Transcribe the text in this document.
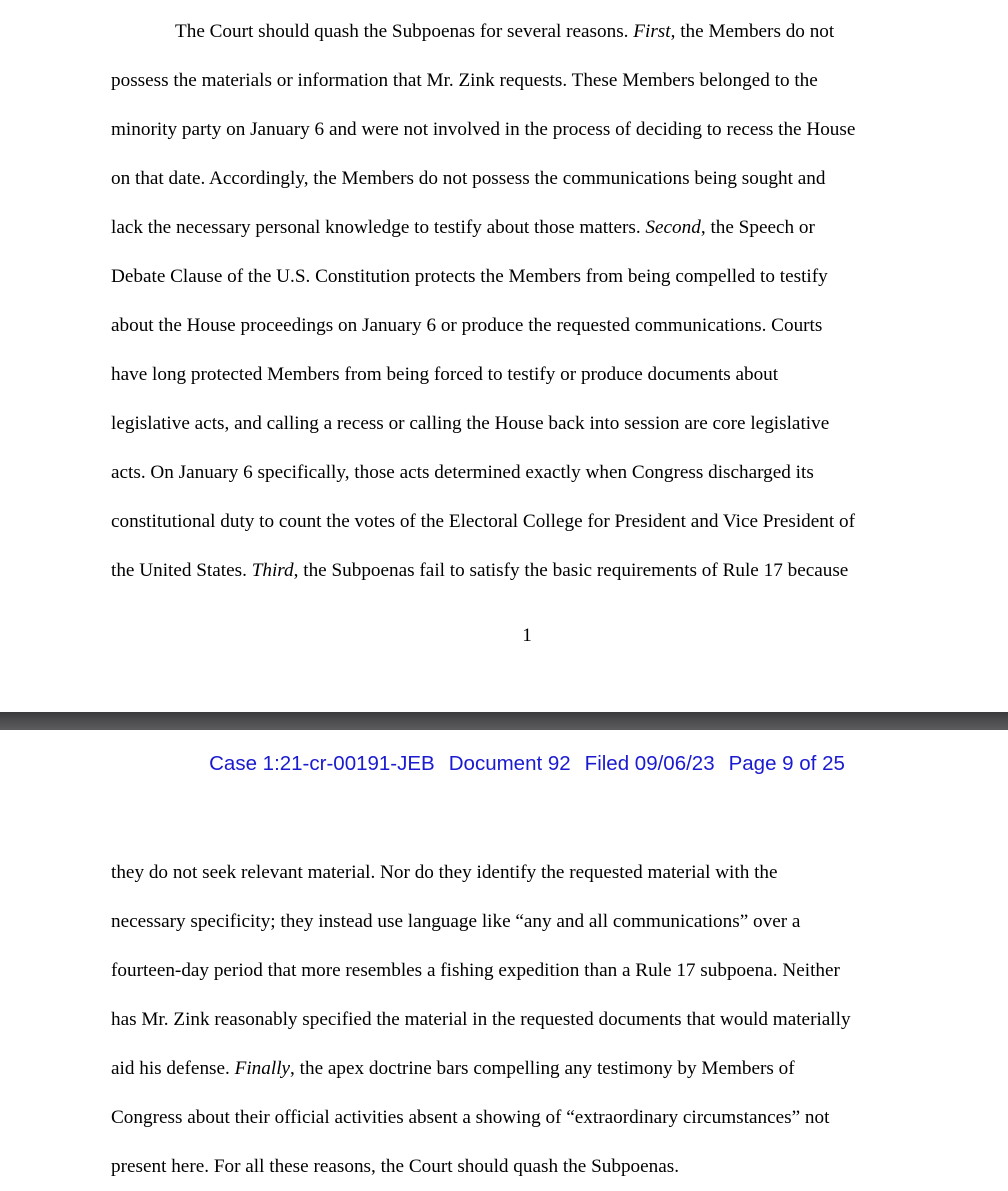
The Court should quash the Subpoenas for several reasons. First, the Members do not
possess the materials or information that Mr. Zink requests. These Members belonged to the
minority party on January 6 and were not involved in the process of deciding to recess the House
on that date. Accordingly, the Members do not possess the communications being sought and
lack the necessary personal knowledge to testify about those matters. Second, the Speech or
Debate Clause of the U.S. Constitution protects the Members from being compelled to testify
about the House proceedings on January 6 or produce the requested communications. Courts
have long protected Members from being forced to testify or produce documents about
legislative acts, and calling a recess or calling the House back into session are core legislative
acts. On January 6 specifically, those acts determined exactly when Congress discharged its
constitutional duty to count the votes of the Electoral College for President and Vice President of
the United States. Third, the Subpoenas fail to satisfy the basic requirements of Rule 17 because
1
Case 1:21-cr-00191-JEB Document 92 Filed 09/06/23 Page 9 of 25
they do not seek relevant material. Nor do they identify the requested material with the
necessary specificity; they instead use language like “any and all communications” over a
fourteen-day period that more resembles a fishing expedition than a Rule 17 subpoena. Neither
has Mr. Zink reasonably specified the material in the requested documents that would materially
aid his defense. Finally, the apex doctrine bars compelling any testimony by Members of
Congress about their official activities absent a showing of “extraordinary circumstances” not
present here. For all these reasons, the Court should quash the Subpoenas.
